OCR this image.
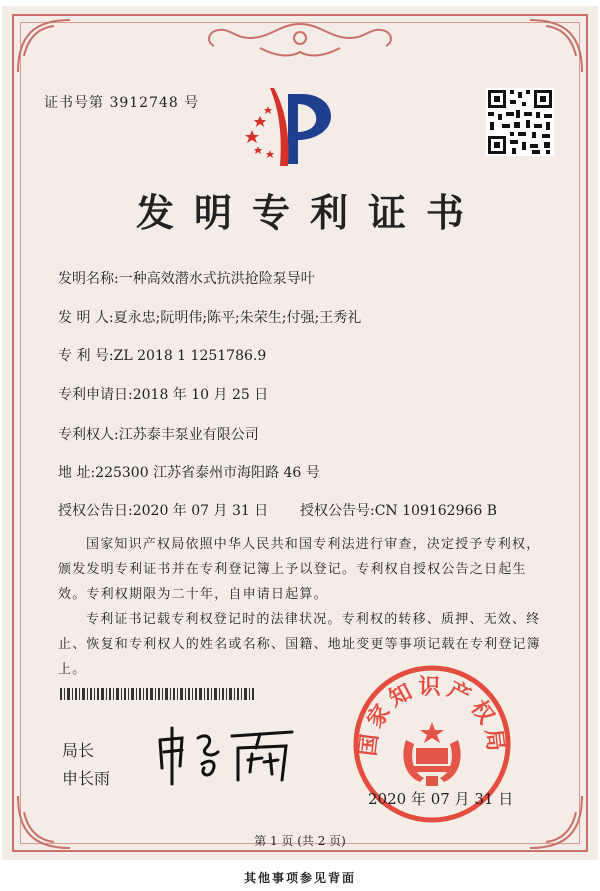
证书号第 3912748 号
发明专利证书
发明名称:一种高效潜水式抗洪抢险泵导叶
发 明 人:夏永忠;阮明伟;陈平;朱荣生;付强;王秀礼
专 利 号:ZL 2018 1 1251786.9
专利申请日:2018 年 10 月 25 日
专利权人:江苏泰丰泵业有限公司
地 址:225300 江苏省泰州市海阳路 46 号
授权公告日:2020 年 07 月 31 日 授权公告号:CN 109162966 B
国家知识产权局依照中华人民共和国专利法进行审查，决定授予专利权，颁发发明专利证书并在专利登记簿上予以登记。专利权自授权公告之日起生效。专利权期限为二十年，自申请日起算。
专利证书记载专利权登记时的法律状况。专利权的转移、质押、无效、终止、恢复和专利权人的姓名或名称、国籍、地址变更等事项记载在专利登记簿上。
局长
申长雨
国家知识产权局
2020 年 07 月 31 日
第 1 页 (共 2 页)
其他事项参见背面
